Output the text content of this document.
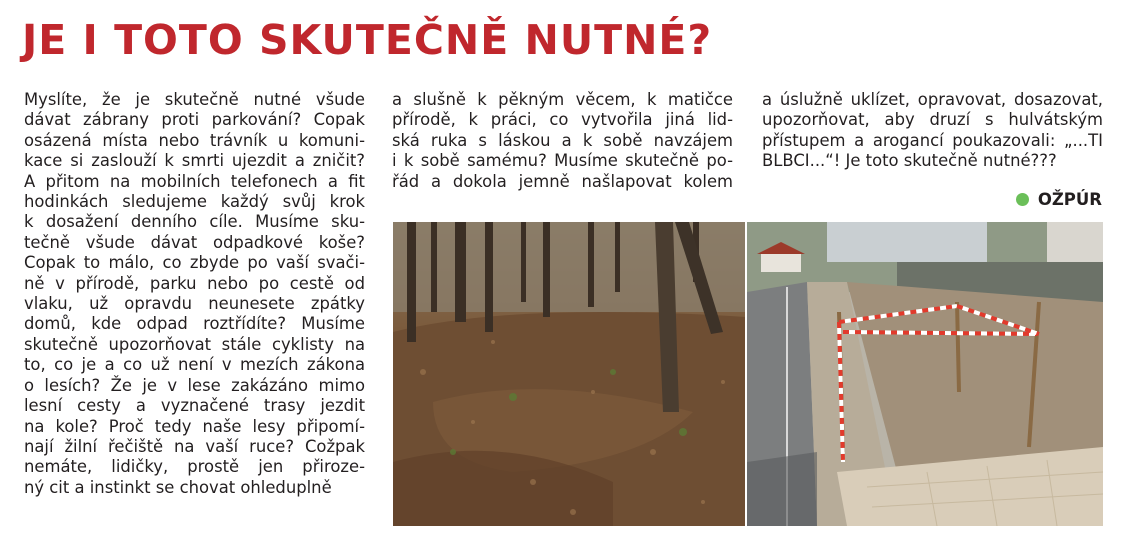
JE I TOTO SKUTEČNĚ NUTNÉ?
Myslíte, že je skutečně nutné všude
dávat zábrany proti parkování? Copak
osázená místa nebo trávník u komuni-
kace si zaslouží k smrti ujezdit a zničit?
A přitom na mobilních telefonech a fit
hodinkách sledujeme každý svůj krok
k dosažení denního cíle. Musíme sku-
tečně všude dávat odpadkové koše?
Copak to málo, co zbyde po vaší svači-
ně v přírodě, parku nebo po cestě od
vlaku, už opravdu neunesete zpátky
domů, kde odpad roztřídíte? Musíme
skutečně upozorňovat stále cyklisty na
to, co je a co už není v mezích zákona
o lesích? Že je v lese zakázáno mimo
lesní cesty a vyznačené trasy jezdit
na kole? Proč tedy naše lesy připomí-
nají žilní řečiště na vaší ruce? Cožpak
nemáte, lidičky, prostě jen přiroze-
ný cit a instinkt se chovat ohleduplně
a slušně k pěkným věcem, k matičce
přírodě, k práci, co vytvořila jiná lid-
ská ruka s láskou a k sobě navzájem
i k sobě samému? Musíme skutečně po-
řád a dokola jemně našlapovat kolem
a úslužně uklízet, opravovat, dosazovat,
upozorňovat, aby druzí s hulvátským
přístupem a arogancí poukazovali: „...TI
BLBCI...“! Je toto skutečně nutné???
OŽPÚR
